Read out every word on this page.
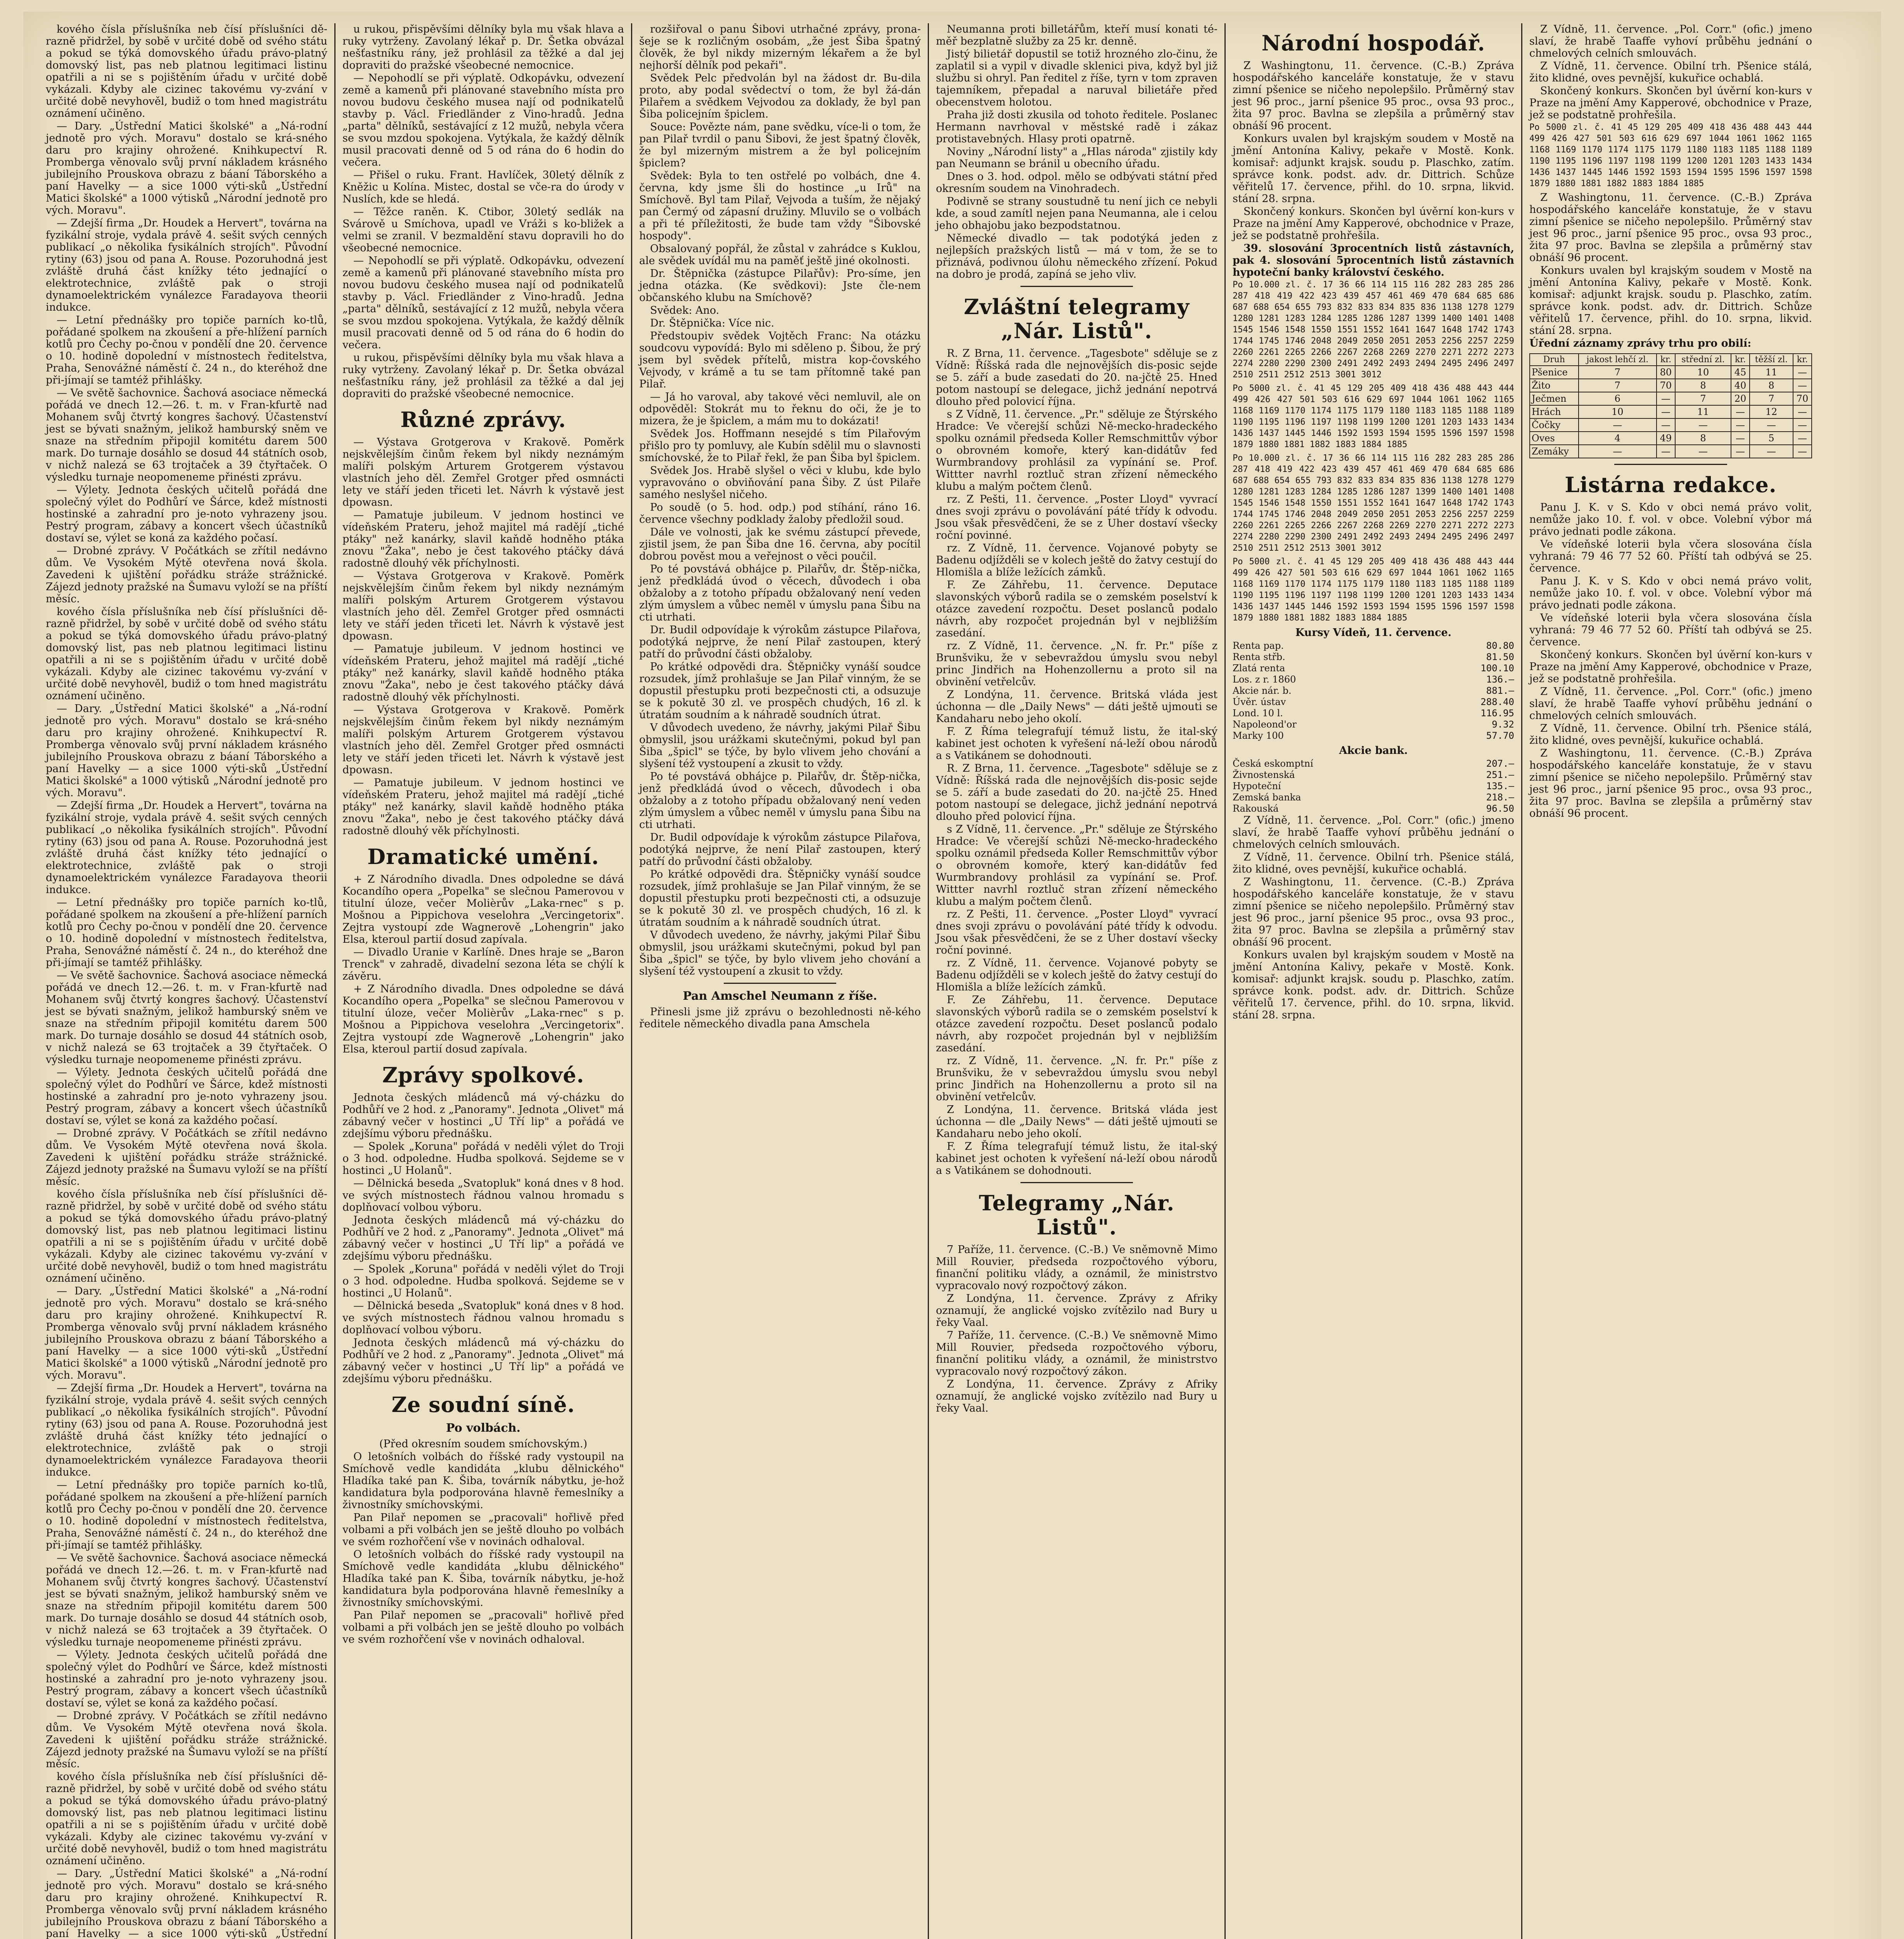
kového čísla příslušníka neb čísí příslušníci dě-razně přidržel, by sobě v určité době od svého státu a pokud se týká domovského úřadu právo-platný domovský list, pas neb platnou legitimaci listinu opatřili a ni se s pojištěním úřadu v určité době vykázali. Kdyby ale cizinec takovému vy-zvání v určité době nevyhověl, budiž o tom hned magistrátu oznámení učiněno.

— Dary. „Ústřední Matici školské" a „Ná-rodní jednotě pro vých. Moravu" dostalo se krá-sného daru pro krajiny ohrožené. Knihkupectví R. Promberga věnovalo svůj první nákladem krásného jubilejního Prouskova obrazu z báaní Táborského a paní Havelky — a sice 1000 výti-sků „Ústřední Matici školské" a 1000 výtisků „Národní jednotě pro vých. Moravu".

— Zdejší firma „Dr. Houdek a Hervert", továrna na fyzikální stroje, vydala právě 4. sešit svých cenných publikací „o několika fysikálních strojích". Původní rytiny (63) jsou od pana A. Rouse. Pozoruhodná jest zvláště druhá část knížky této jednající o elektrotechnice, zvláště pak o stroji dynamoelektrickém vynálezce Faradayova theorii indukce.

— Letní přednášky pro topiče parních ko-tlů, pořádané spolkem na zkoušení a pře-hlížení parních kotlů pro Čechy po-čnou v pondělí dne 20. července o 10. hodině dopolední v místnostech ředitelstva, Praha, Senovážné náměstí č. 24 n., do kteréhož dne při-jímají se tamtéž přihlášky.

— Ve světě šachovnice. Šachová asociace německá pořádá ve dnech 12.—26. t. m. v Fran-kfurtě nad Mohanem svůj čtvrtý kongres šachový. Účastenství jest se bývati snažným, jelikož hamburský sněm ve snaze na středním připojil komitétu darem 500 mark. Do turnaje dosáhlo se dosud 44 státních osob, v nichž nalezá se 63 trojtaček a 39 čtyřtaček. O výsledku turnaje neopomeneme přinésti zprávu.

— Výlety. Jednota českých učitelů pořádá dne společný výlet do Podhůrí ve Šárce, kdež místnosti hostinské a zahradní pro je-noto vyhrazeny jsou. Pestrý program, zábavy a koncert všech účastníků dostaví se, výlet se koná za každého počasí.

— Drobné zprávy. V Počátkách se zřítil nedávno dům. Ve Vysokém Mýtě otevřena nová škola. Zavedeni k ujištění pořádku stráže strážnické. Zájezd jednoty pražské na Šumavu vyloží se na příští měsíc.

kového čísla příslušníka neb čísí příslušníci dě-razně přidržel, by sobě v určité době od svého státu a pokud se týká domovského úřadu právo-platný domovský list, pas neb platnou legitimaci listinu opatřili a ni se s pojištěním úřadu v určité době vykázali. Kdyby ale cizinec takovému vy-zvání v určité době nevyhověl, budiž o tom hned magistrátu oznámení učiněno.

— Dary. „Ústřední Matici školské" a „Ná-rodní jednotě pro vých. Moravu" dostalo se krá-sného daru pro krajiny ohrožené. Knihkupectví R. Promberga věnovalo svůj první nákladem krásného jubilejního Prouskova obrazu z báaní Táborského a paní Havelky — a sice 1000 výti-sků „Ústřední Matici školské" a 1000 výtisků „Národní jednotě pro vých. Moravu".

— Zdejší firma „Dr. Houdek a Hervert", továrna na fyzikální stroje, vydala právě 4. sešit svých cenných publikací „o několika fysikálních strojích". Původní rytiny (63) jsou od pana A. Rouse. Pozoruhodná jest zvláště druhá část knížky této jednající o elektrotechnice, zvláště pak o stroji dynamoelektrickém vynálezce Faradayova theorii indukce.

— Letní přednášky pro topiče parních ko-tlů, pořádané spolkem na zkoušení a pře-hlížení parních kotlů pro Čechy po-čnou v pondělí dne 20. července o 10. hodině dopolední v místnostech ředitelstva, Praha, Senovážné náměstí č. 24 n., do kteréhož dne při-jímají se tamtéž přihlášky.

— Ve světě šachovnice. Šachová asociace německá pořádá ve dnech 12.—26. t. m. v Fran-kfurtě nad Mohanem svůj čtvrtý kongres šachový. Účastenství jest se bývati snažným, jelikož hamburský sněm ve snaze na středním připojil komitétu darem 500 mark. Do turnaje dosáhlo se dosud 44 státních osob, v nichž nalezá se 63 trojtaček a 39 čtyřtaček. O výsledku turnaje neopomeneme přinésti zprávu.

— Výlety. Jednota českých učitelů pořádá dne společný výlet do Podhůrí ve Šárce, kdež místnosti hostinské a zahradní pro je-noto vyhrazeny jsou. Pestrý program, zábavy a koncert všech účastníků dostaví se, výlet se koná za každého počasí.

— Drobné zprávy. V Počátkách se zřítil nedávno dům. Ve Vysokém Mýtě otevřena nová škola. Zavedeni k ujištění pořádku stráže strážnické. Zájezd jednoty pražské na Šumavu vyloží se na příští měsíc.

kového čísla příslušníka neb čísí příslušníci dě-razně přidržel, by sobě v určité době od svého státu a pokud se týká domovského úřadu právo-platný domovský list, pas neb platnou legitimaci listinu opatřili a ni se s pojištěním úřadu v určité době vykázali. Kdyby ale cizinec takovému vy-zvání v určité době nevyhověl, budiž o tom hned magistrátu oznámení učiněno.

— Dary. „Ústřední Matici školské" a „Ná-rodní jednotě pro vých. Moravu" dostalo se krá-sného daru pro krajiny ohrožené. Knihkupectví R. Promberga věnovalo svůj první nákladem krásného jubilejního Prouskova obrazu z báaní Táborského a paní Havelky — a sice 1000 výti-sků „Ústřední Matici školské" a 1000 výtisků „Národní jednotě pro vých. Moravu".

— Zdejší firma „Dr. Houdek a Hervert", továrna na fyzikální stroje, vydala právě 4. sešit svých cenných publikací „o několika fysikálních strojích". Původní rytiny (63) jsou od pana A. Rouse. Pozoruhodná jest zvláště druhá část knížky této jednající o elektrotechnice, zvláště pak o stroji dynamoelektrickém vynálezce Faradayova theorii indukce.

— Letní přednášky pro topiče parních ko-tlů, pořádané spolkem na zkoušení a pře-hlížení parních kotlů pro Čechy po-čnou v pondělí dne 20. července o 10. hodině dopolední v místnostech ředitelstva, Praha, Senovážné náměstí č. 24 n., do kteréhož dne při-jímají se tamtéž přihlášky.

— Ve světě šachovnice. Šachová asociace německá pořádá ve dnech 12.—26. t. m. v Fran-kfurtě nad Mohanem svůj čtvrtý kongres šachový. Účastenství jest se bývati snažným, jelikož hamburský sněm ve snaze na středním připojil komitétu darem 500 mark. Do turnaje dosáhlo se dosud 44 státních osob, v nichž nalezá se 63 trojtaček a 39 čtyřtaček. O výsledku turnaje neopomeneme přinésti zprávu.

— Výlety. Jednota českých učitelů pořádá dne společný výlet do Podhůrí ve Šárce, kdež místnosti hostinské a zahradní pro je-noto vyhrazeny jsou. Pestrý program, zábavy a koncert všech účastníků dostaví se, výlet se koná za každého počasí.

— Drobné zprávy. V Počátkách se zřítil nedávno dům. Ve Vysokém Mýtě otevřena nová škola. Zavedeni k ujištění pořádku stráže strážnické. Zájezd jednoty pražské na Šumavu vyloží se na příští měsíc.

kového čísla příslušníka neb čísí příslušníci dě-razně přidržel, by sobě v určité době od svého státu a pokud se týká domovského úřadu právo-platný domovský list, pas neb platnou legitimaci listinu opatřili a ni se s pojištěním úřadu v určité době vykázali. Kdyby ale cizinec takovému vy-zvání v určité době nevyhověl, budiž o tom hned magistrátu oznámení učiněno.

— Dary. „Ústřední Matici školské" a „Ná-rodní jednotě pro vých. Moravu" dostalo se krá-sného daru pro krajiny ohrožené. Knihkupectví R. Promberga věnovalo svůj první nákladem krásného jubilejního Prouskova obrazu z báaní Táborského a paní Havelky — a sice 1000 výti-sků „Ústřední

u rukou, přispěvšími dělníky byla mu však hlava a ruky vytrženy. Zavolaný lékař p. Dr. Šetka obvázal nešťastníku rány, jež prohlásil za těžké a dal jej dopraviti do pražské všeobecné nemocnice.

— Nepohodlí se při výplatě. Odkopávku, odvezení země a kamenů při plánované stavebního místa pro novou budovu českého musea nají od podnikatelů stavby p. Václ. Friedländer z Vino-hradů. Jedna „parta" dělníků, sestávající z 12 mužů, nebyla včera se svou mzdou spokojena. Vytýkala, že každý dělník musil pracovati denně od 5 od rána do 6 hodin do večera.

— Přišel o ruku. Frant. Havlíček, 30letý dělník z Kněžic u Kolína. Mistec, dostal se vče-ra do úrody v Nuslích, kde se hledá.

— Těžce raněn. K. Ctibor, 30letý sedlák na Svárově u Smíchova, upadl ve Vráži s ko-bližek a velmi se zranil. V bezmaldění stavu dopravili ho do všeobecné nemocnice.

— Nepohodlí se při výplatě. Odkopávku, odvezení země a kamenů při plánované stavebního místa pro novou budovu českého musea nají od podnikatelů stavby p. Václ. Friedländer z Vino-hradů. Jedna „parta" dělníků, sestávající z 12 mužů, nebyla včera se svou mzdou spokojena. Vytýkala, že každý dělník musil pracovati denně od 5 od rána do 6 hodin do večera.

u rukou, přispěvšími dělníky byla mu však hlava a ruky vytrženy. Zavolaný lékař p. Dr. Šetka obvázal nešťastníku rány, jež prohlásil za těžké a dal jej dopraviti do pražské všeobecné nemocnice.

Různé zprávy.

— Výstava Grotgerova v Krakově. Poměrk nejskvělejším činům řekem byl nikdy neznámým malíři polským Arturem Grotgerem výstavou vlastních jeho děl. Zemřel Grotger před osmnácti lety ve stáří jeden třiceti let. Návrh k výstavě jest dpowasn.

— Pamatuje jubileum. V jednom hostinci ve vídeňském Prateru, jehož majitel má radějí „tiché ptáky" než kanárky, slavil kaňdě hodněho ptáka znovu "Žaka", nebo je čest takového ptáčky dává radostně dlouhý věk příchylnosti.

— Výstava Grotgerova v Krakově. Poměrk nejskvělejším činům řekem byl nikdy neznámým malíři polským Arturem Grotgerem výstavou vlastních jeho děl. Zemřel Grotger před osmnácti lety ve stáří jeden třiceti let. Návrh k výstavě jest dpowasn.

— Pamatuje jubileum. V jednom hostinci ve vídeňském Prateru, jehož majitel má radějí „tiché ptáky" než kanárky, slavil kaňdě hodněho ptáka znovu "Žaka", nebo je čest takového ptáčky dává radostně dlouhý věk příchylnosti.

— Výstava Grotgerova v Krakově. Poměrk nejskvělejším činům řekem byl nikdy neznámým malíři polským Arturem Grotgerem výstavou vlastních jeho děl. Zemřel Grotger před osmnácti lety ve stáří jeden třiceti let. Návrh k výstavě jest dpowasn.

— Pamatuje jubileum. V jednom hostinci ve vídeňském Prateru, jehož majitel má radějí „tiché ptáky" než kanárky, slavil kaňdě hodněho ptáka znovu "Žaka", nebo je čest takového ptáčky dává radostně dlouhý věk příchylnosti.

Dramatické umění.

+ Z Národního divadla. Dnes odpoledne se dává Kocandího opera „Popelka" se slečnou Pamerovou v titulní úloze, večer Molièrův „Laka-rnec" s p. Mošnou a Pippichova veselohra „Vercingetorix". Zejtra vystoupí zde Wagnerově „Lohengrin" jako Elsa, kteroul partií dosud zapívala.

— Divadlo Uranie v Karlíně. Dnes hraje se „Baron Trenck" v zahradě, divadelní sezona léta se chýlí k závěru.

+ Z Národního divadla. Dnes odpoledne se dává Kocandího opera „Popelka" se slečnou Pamerovou v titulní úloze, večer Molièrův „Laka-rnec" s p. Mošnou a Pippichova veselohra „Vercingetorix". Zejtra vystoupí zde Wagnerově „Lohengrin" jako Elsa, kteroul partií dosud zapívala.

Zprávy spolkové.

Jednota českých mládenců má vý-cházku do Podhůří ve 2 hod. z „Panoramy". Jednota „Olivet" má zábavný večer v hostinci „U Tří lip" a pořádá ve zdejšímu výboru přednášku.

— Spolek „Koruna" pořádá v neděli výlet do Troji o 3 hod. odpoledne. Hudba spolková. Sejdeme se v hostinci „U Holanů".

— Dělnická beseda „Svatopluk" koná dnes v 8 hod. ve svých místnostech řádnou valnou hromadu s doplňovací volbou výboru.

Jednota českých mládenců má vý-cházku do Podhůří ve 2 hod. z „Panoramy". Jednota „Olivet" má zábavný večer v hostinci „U Tří lip" a pořádá ve zdejšímu výboru přednášku.

— Spolek „Koruna" pořádá v neděli výlet do Troji o 3 hod. odpoledne. Hudba spolková. Sejdeme se v hostinci „U Holanů".

— Dělnická beseda „Svatopluk" koná dnes v 8 hod. ve svých místnostech řádnou valnou hromadu s doplňovací volbou výboru.

Jednota českých mládenců má vý-cházku do Podhůří ve 2 hod. z „Panoramy". Jednota „Olivet" má zábavný večer v hostinci „U Tří lip" a pořádá ve zdejšímu výboru přednášku.

Ze soudní síně.
Po volbách.

(Před okresním soudem smíchovským.)

O letošních volbách do říšské rady vystoupil na Smíchově vedle kandidáta „klubu dělnického" Hladíka také pan K. Šiba, továrník nábytku, je-hož kandidatura byla podporována hlavně řemeslníky a živnostníky smíchovskými.

Pan Pilař nepomen se „pracovali" hořlivě před volbami a při volbách jen se ještě dlouho po volbách ve svém rozhořčení vše v novinách odhaloval.

O letošních volbách do říšské rady vystoupil na Smíchově vedle kandidáta „klubu dělnického" Hladíka také pan K. Šiba, továrník nábytku, je-hož kandidatura byla podporována hlavně řemeslníky a živnostníky smíchovskými.

Pan Pilař nepomen se „pracovali" hořlivě před volbami a při volbách jen se ještě dlouho po volbách ve svém rozhořčení vše v novinách odhaloval.

rozšiřoval o panu Šibovi utrhačné zprávy, prona-šeje se k rozličným osobám, „že jest Šiba špatný člověk, že byl nikdy mizerným lékařem a že byl nejhorší dělník pod pekaři".

Svědek Pelc předvolán byl na žádost dr. Bu-dila proto, aby podal svědectví o tom, že byl žá-dán Pilařem a svědkem Vejvodou za doklady, že byl pan Šiba policejním špiclem.

Souce: Povězte nám, pane svědku, více-li o tom, že pan Pilař tvrdil o panu Šibovi, že jest špatný člověk, že byl mizerným mistrem a že byl policejním špiclem?

Svědek: Byla to ten ostřelé po volbách, dne 4. června, kdy jsme šli do hostince „u Irů" na Smíchově. Byl tam Pilař, Vejvoda a tuším, že nějaký pan Čermý od zápasní družiny. Mluvilo se o volbách a při té příležitosti, že bude tam vždy "Šibovské hospody".

Obsalovaný popřál, že zůstal v zahrádce s Kuklou, ale svědek uvídál mu na paměť ještě jiné okolnosti.

Dr. Štěpnička (zástupce Pilařův): Pro-síme, jen jedna otázka. (Ke svědkovi): Jste čle-nem občanského klubu na Smíchově?

Svědek: Ano.

Dr. Štěpnička: Více nic.

Předstoupiv svědek Vojtěch Franc: Na otázku soudcovu vypovídá: Bylo mi sděleno p. Šibou, že prý jsem byl svědek přítelů, mistra kop-čovského Vejvody, v krámě a tu se tam přítomně také pan Pilař.

— Já ho varoval, aby takové věci nemluvil, ale on odpověděl: Stokrát mu to řeknu do oči, že je to mizera, že je špiclem, a mám mu to dokázati!

Svědek Jos. Hoffmann nesejdé s tím Pilařovým přišlo pro ty pomluvy, ale Kubín sdělil mu o slavnosti smíchovské, že to Pilař řekl, že pan Šiba byl špiclem.

Svědek Jos. Hrabě slyšel o věci v klubu, kde bylo vypravováno o obviňování pana Šiby. Z úst Pilaře samého neslyšel ničeho.

Po soudě (o 5. hod. odp.) pod stíhání, ráno 16. července všechny podklady žaloby předložil soud.

Dále ve volnosti, jak ke svému zástupcí převede, zjistil jsem, že pan Šiba dne 16. června, aby pocítil dobrou pověst mou a veřejnost o věci poučil.

Po té povstává obhájce p. Pilařův, dr. Štěp-nička, jenž předkládá úvod o věcech, důvodech i oba obžaloby a z totoho případu obžalovaný není veden zlým úmyslem a vůbec neměl v úmyslu pana Šibu na cti utrhati.

Dr. Budil odpovídaje k výrokům zástupce Pilařova, podotýká nejprve, že není Pilař zastoupen, který patří do průvodní části obžaloby.

Po krátké odpovědi dra. Štěpničky vynáší soudce rozsudek, jímž prohlašuje se Jan Pilař vinným, že se dopustil přestupku proti bezpečnosti cti, a odsuzuje se k pokutě 30 zl. ve prospěch chudých, 16 zl. k útratám soudním a k náhradě soudních útrat.

V důvodech uvedeno, že návrhy, jakými Pilař Šibu obmyslil, jsou urážkami skutečnými, pokud byl pan Šiba „špicl" se týče, by bylo vlivem jeho chování a slyšení též vystoupení a zkusit to vždy.

Po té povstává obhájce p. Pilařův, dr. Štěp-nička, jenž předkládá úvod o věcech, důvodech i oba obžaloby a z totoho případu obžalovaný není veden zlým úmyslem a vůbec neměl v úmyslu pana Šibu na cti utrhati.

Dr. Budil odpovídaje k výrokům zástupce Pilařova, podotýká nejprve, že není Pilař zastoupen, který patří do průvodní části obžaloby.

Po krátké odpovědi dra. Štěpničky vynáší soudce rozsudek, jímž prohlašuje se Jan Pilař vinným, že se dopustil přestupku proti bezpečnosti cti, a odsuzuje se k pokutě 30 zl. ve prospěch chudých, 16 zl. k útratám soudním a k náhradě soudních útrat.

V důvodech uvedeno, že návrhy, jakými Pilař Šibu obmyslil, jsou urážkami skutečnými, pokud byl pan Šiba „špicl" se týče, by bylo vlivem jeho chování a slyšení též vystoupení a zkusit to vždy.

Pan Amschel Neumann z říše.

Přinesli jsme již zprávu o bezohlednosti ně-kého ředitele německého divadla pana Amschela

Neumanna proti billetářům, kteří musí konati té-měř bezplatně služby za 25 kr. denně.

Jistý bilietář dopustil se totiž hrozného zlo-činu, že zaplatil si a vypil v divadle sklenici piva, když byl již službu si ohryl. Pan ředitel z říše, tyrn v tom zpraven tajemníkem, přepadal a naruval bilietáře před obecenstvem holotou.

Praha již dosti zkusila od tohoto ředitele. Poslanec Hermann navrhoval v městské radě i zákaz protistavebných. Hlasy proti opatrně.

Noviny „Národní listy" a „Hlas národa" zjistily kdy pan Neumann se bránil u obecního úřadu.

Dnes o 3. hod. odpol. mělo se odbývati státní před okresním soudem na Vinohradech.

Podivně se strany soustudně tu není jich ce nebyli kde, a soud zamítl nejen pana Neumanna, ale i celou jeho obhajobu jako bezpodstatnou.

Německé divadlo — tak podotýká jeden z nejlepších pražských listů — má v tom, že se to přiznává, podivnou úlohu německého zřízení. Pokud na dobro je prodá, zapíná se jeho vliv.

Zvláštní telegramy „Nár. Listů".

R. Z Brna, 11. července. „Tagesbote" sděluje se z Vídně: Říšská rada dle nejnovějších dis-posic sejde se 5. září a bude zasedati do 20. na-jčtě 25. Hned potom nastoupí se delegace, jichž jednání nepotrvá dlouho před polovicí října.

s Z Vídně, 11. července. „Pr." sděluje ze Štýrského Hradce: Ve včerejší schůzi Ně-mecko-hradeckého spolku oznámil předseda Koller Remschmittův výbor o obrovném komoře, který kan-didátův fed Wurmbrandovy prohlásil za vypínání se. Prof. Wittter navrhl roztluč stran zřízení německého klubu a malým počtem členů.

rz. Z Pešti, 11. července. „Poster Lloyd" vyvrací dnes svoji zprávu o povolávání páté třídy k odvodu. Jsou však přesvědčeni, že se z Uher dostaví všecky roční povinné.

rz. Z Vídně, 11. července. Vojanové pobyty se Badenu odjížděli se v kolech ještě do žatvy cestují do Hlomišla a blíže ležících zámků.

F. Ze Záhřebu, 11. července. Deputace slavonských výborů radila se o zemském poselství k otázce zavedení rozpočtu. Deset poslanců podalo návrh, aby rozpočet projednán byl v nejbližším zasedání.

rz. Z Vídně, 11. července. „N. fr. Pr." píše z Brunšviku, že v sebevraždou úmyslu svou nebyl princ Jindřich na Hohenzollernu a proto sil na obvinění vetřelcův.

Z Londýna, 11. července. Britská vláda jest úchonna — dle „Daily News" — dáti ještě ujmouti se Kandaharu nebo jeho okolí.

F. Z Říma telegrafují témuž listu, že ital-ský kabinet jest ochoten k vyřešení ná-leží obou národů a s Vatikánem se dohodnouti.

R. Z Brna, 11. července. „Tagesbote" sděluje se z Vídně: Říšská rada dle nejnovějších dis-posic sejde se 5. září a bude zasedati do 20. na-jčtě 25. Hned potom nastoupí se delegace, jichž jednání nepotrvá dlouho před polovicí října.

s Z Vídně, 11. července. „Pr." sděluje ze Štýrského Hradce: Ve včerejší schůzi Ně-mecko-hradeckého spolku oznámil předseda Koller Remschmittův výbor o obrovném komoře, který kan-didátův fed Wurmbrandovy prohlásil za vypínání se. Prof. Wittter navrhl roztluč stran zřízení německého klubu a malým počtem členů.

rz. Z Pešti, 11. července. „Poster Lloyd" vyvrací dnes svoji zprávu o povolávání páté třídy k odvodu. Jsou však přesvědčeni, že se z Uher dostaví všecky roční povinné.

rz. Z Vídně, 11. července. Vojanové pobyty se Badenu odjížděli se v kolech ještě do žatvy cestují do Hlomišla a blíže ležících zámků.

F. Ze Záhřebu, 11. července. Deputace slavonských výborů radila se o zemském poselství k otázce zavedení rozpočtu. Deset poslanců podalo návrh, aby rozpočet projednán byl v nejbližším zasedání.

rz. Z Vídně, 11. července. „N. fr. Pr." píše z Brunšviku, že v sebevraždou úmyslu svou nebyl princ Jindřich na Hohenzollernu a proto sil na obvinění vetřelcův.

Z Londýna, 11. července. Britská vláda jest úchonna — dle „Daily News" — dáti ještě ujmouti se Kandaharu nebo jeho okolí.

F. Z Říma telegrafují témuž listu, že ital-ský kabinet jest ochoten k vyřešení ná-leží obou národů a s Vatikánem se dohodnouti.

Telegramy „Nár. Listů".

7 Paříže, 11. července. (C.-B.) Ve sněmovně Mimo Mill Rouvier, předseda rozpočtového výboru, finanční politiku vlády, a oznámil, že ministrstvo vypracovalo nový rozpočtový zákon.

Z Londýna, 11. července. Zprávy z Afriky oznamují, že anglické vojsko zvítězilo nad Bury u řeky Vaal.

7 Paříže, 11. července. (C.-B.) Ve sněmovně Mimo Mill Rouvier, předseda rozpočtového výboru, finanční politiku vlády, a oznámil, že ministrstvo vypracovalo nový rozpočtový zákon.

Z Londýna, 11. července. Zprávy z Afriky oznamují, že anglické vojsko zvítězilo nad Bury u řeky Vaal.

Národní hospodář.

Z Washingtonu, 11. července. (C.-B.) Zpráva hospodářského kanceláře konstatuje, že v stavu zimní pšenice se ničeho nepolepšilo. Průměrný stav jest 96 proc., jarní pšenice 95 proc., ovsa 93 proc., žita 97 proc. Bavlna se zlepšila a průměrný stav obnáší 96 procent.

Konkurs uvalen byl krajským soudem v Mostě na jmění Antonína Kalivy, pekaře v Mostě. Konk. komisař: adjunkt krajsk. soudu p. Plaschko, zatím. správce konk. podst. adv. dr. Dittrich. Schůze věřitelů 17. července, přihl. do 10. srpna, likvid. stání 28. srpna.

Skončený konkurs. Skončen byl úvěrní kon-kurs v Praze na jmění Amy Kapperové, obchodnice v Praze, jež se podstatně prohřešila.

39. slosování 3procentních listů zástavních, pak 4. slosování 5procentních listů zástavních hypoteční banky království českého.

Po 10.000 zl. č. 17 36 66 114 115 116 282 283 285 286 287 418 419 422 423 439 457 461 469 470 684 685 686 687 688 654 655 793 832 833 834 835 836 1138 1278 1279 1280 1281 1283 1284 1285 1286 1287 1399 1400 1401 1408 1545 1546 1548 1550 1551 1552 1641 1647 1648 1742 1743 1744 1745 1746 2048 2049 2050 2051 2053 2256 2257 2259 2260 2261 2265 2266 2267 2268 2269 2270 2271 2272 2273 2274 2280 2290 2300 2491 2492 2493 2494 2495 2496 2497 2510 2511 2512 2513 3001 3012

Po 5000 zl. č. 41 45 129 205 409 418 436 488 443 444 499 426 427 501 503 616 629 697 1044 1061 1062 1165 1168 1169 1170 1174 1175 1179 1180 1183 1185 1188 1189 1190 1195 1196 1197 1198 1199 1200 1201 1203 1433 1434 1436 1437 1445 1446 1592 1593 1594 1595 1596 1597 1598 1879 1880 1881 1882 1883 1884 1885

Po 10.000 zl. č. 17 36 66 114 115 116 282 283 285 286 287 418 419 422 423 439 457 461 469 470 684 685 686 687 688 654 655 793 832 833 834 835 836 1138 1278 1279 1280 1281 1283 1284 1285 1286 1287 1399 1400 1401 1408 1545 1546 1548 1550 1551 1552 1641 1647 1648 1742 1743 1744 1745 1746 2048 2049 2050 2051 2053 2256 2257 2259 2260 2261 2265 2266 2267 2268 2269 2270 2271 2272 2273 2274 2280 2290 2300 2491 2492 2493 2494 2495 2496 2497 2510 2511 2512 2513 3001 3012

Po 5000 zl. č. 41 45 129 205 409 418 436 488 443 444 499 426 427 501 503 616 629 697 1044 1061 1062 1165 1168 1169 1170 1174 1175 1179 1180 1183 1185 1188 1189 1190 1195 1196 1197 1198 1199 1200 1201 1203 1433 1434 1436 1437 1445 1446 1592 1593 1594 1595 1596 1597 1598 1879 1880 1881 1882 1883 1884 1885

Kursy Vídeň, 11. července.
Renta pap.	80.80
Renta střb.	81.50
Zlatá renta	100.10
Los. z r. 1860	136.—
Akcie nár. b.	881.—
Úvěr. ústav	288.40
Lond. 10 l.	116.95
Napoleond'or	9.32
Marky 100	57.70
Akcie bank.
Česká eskomptní	207.—
Živnostenská	251.—
Hypoteční	135.—
Zemská banka	218.—
Rakouská	96.50

Z Vídně, 11. července. „Pol. Corr." (ofic.) jmeno slaví, že hrabě Taaffe vyhoví průběhu jednání o chmelových celních smlouvách.

Z Vídně, 11. července. Obilní trh. Pšenice stálá, žito klidné, oves pevnější, kukuřice ochablá.

Z Washingtonu, 11. července. (C.-B.) Zpráva hospodářského kanceláře konstatuje, že v stavu zimní pšenice se ničeho nepolepšilo. Průměrný stav jest 96 proc., jarní pšenice 95 proc., ovsa 93 proc., žita 97 proc. Bavlna se zlepšila a průměrný stav obnáší 96 procent.

Konkurs uvalen byl krajským soudem v Mostě na jmění Antonína Kalivy, pekaře v Mostě. Konk. komisař: adjunkt krajsk. soudu p. Plaschko, zatím. správce konk. podst. adv. dr. Dittrich. Schůze věřitelů 17. července, přihl. do 10. srpna, likvid. stání 28. srpna.

Z Vídně, 11. července. „Pol. Corr." (ofic.) jmeno slaví, že hrabě Taaffe vyhoví průběhu jednání o chmelových celních smlouvách.

Z Vídně, 11. července. Obilní trh. Pšenice stálá, žito klidné, oves pevnější, kukuřice ochablá.

Skončený konkurs. Skončen byl úvěrní kon-kurs v Praze na jmění Amy Kapperové, obchodnice v Praze, jež se podstatně prohřešila.

Po 5000 zl. č. 41 45 129 205 409 418 436 488 443 444 499 426 427 501 503 616 629 697 1044 1061 1062 1165 1168 1169 1170 1174 1175 1179 1180 1183 1185 1188 1189 1190 1195 1196 1197 1198 1199 1200 1201 1203 1433 1434 1436 1437 1445 1446 1592 1593 1594 1595 1596 1597 1598 1879 1880 1881 1882 1883 1884 1885

Z Washingtonu, 11. července. (C.-B.) Zpráva hospodářského kanceláře konstatuje, že v stavu zimní pšenice se ničeho nepolepšilo. Průměrný stav jest 96 proc., jarní pšenice 95 proc., ovsa 93 proc., žita 97 proc. Bavlna se zlepšila a průměrný stav obnáší 96 procent.

Konkurs uvalen byl krajským soudem v Mostě na jmění Antonína Kalivy, pekaře v Mostě. Konk. komisař: adjunkt krajsk. soudu p. Plaschko, zatím. správce konk. podst. adv. dr. Dittrich. Schůze věřitelů 17. července, přihl. do 10. srpna, likvid. stání 28. srpna.

Úřední záznamy zprávy trhu pro obilí:

Druh	jakost lehčí zl.	kr.	střední zl.	kr.	těžší zl.	kr.
Pšenice	7	80	10	45	11	—
Žito	7	70	8	40	8	—
Ječmen	6	—	7	20	7	70
Hrách	10	—	11	—	12	—
Čočky	—	—	—	—	—	—
Oves	4	49	8	—	5	—
Zemáky	—	—	—	—	—	—
Listárna redakce.

Panu J. K. v S. Kdo v obci nemá právo volit, nemůže jako 10. f. vol. v obce. Volební výbor má právo jednati podle zákona.

Ve vídeňské loterii byla včera slosována čísla vyhraná: 79 46 77 52 60. Příští tah odbývá se 25. července.

Panu J. K. v S. Kdo v obci nemá právo volit, nemůže jako 10. f. vol. v obce. Volební výbor má právo jednati podle zákona.

Ve vídeňské loterii byla včera slosována čísla vyhraná: 79 46 77 52 60. Příští tah odbývá se 25. července.

Skončený konkurs. Skončen byl úvěrní kon-kurs v Praze na jmění Amy Kapperové, obchodnice v Praze, jež se podstatně prohřešila.

Z Vídně, 11. července. „Pol. Corr." (ofic.) jmeno slaví, že hrabě Taaffe vyhoví průběhu jednání o chmelových celních smlouvách.

Z Vídně, 11. července. Obilní trh. Pšenice stálá, žito klidné, oves pevnější, kukuřice ochablá.

Z Washingtonu, 11. července. (C.-B.) Zpráva hospodářského kanceláře konstatuje, že v stavu zimní pšenice se ničeho nepolepšilo. Průměrný stav jest 96 proc., jarní pšenice 95 proc., ovsa 93 proc., žita 97 proc. Bavlna se zlepšila a průměrný stav obnáší 96 procent.
